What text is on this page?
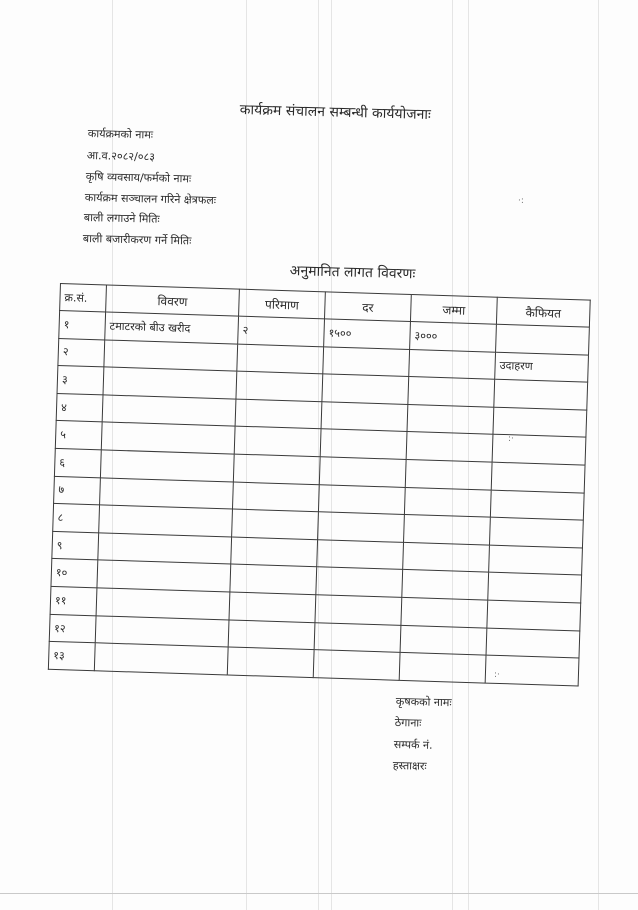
कार्यक्रम संचालन सम्बन्धी कार्ययोजनाः
कार्यक्रमको नामः
आ.व.२०८२/०८३
कृषि व्यवसाय/फर्मको नामः
कार्यक्रम सञ्चालन गरिने क्षेत्रफलः
बाली लगाउने मितिः
बाली बजारीकरण गर्ने मितिः
अनुमानित लागत विवरणः
क्र.सं.	विवरण	परिमाण	दर	जम्मा	कैफियत
१	टमाटरको बीउ खरीद	२	१५००	३०००	
२					उदाहरण
३					
४					
५					
६					
७					
८					
९					
१०					
११					
१२					
१३					
·:
:·
:·
कृषकको नामः
ठेगानाः
सम्पर्क नं.
हस्ताक्षरः
